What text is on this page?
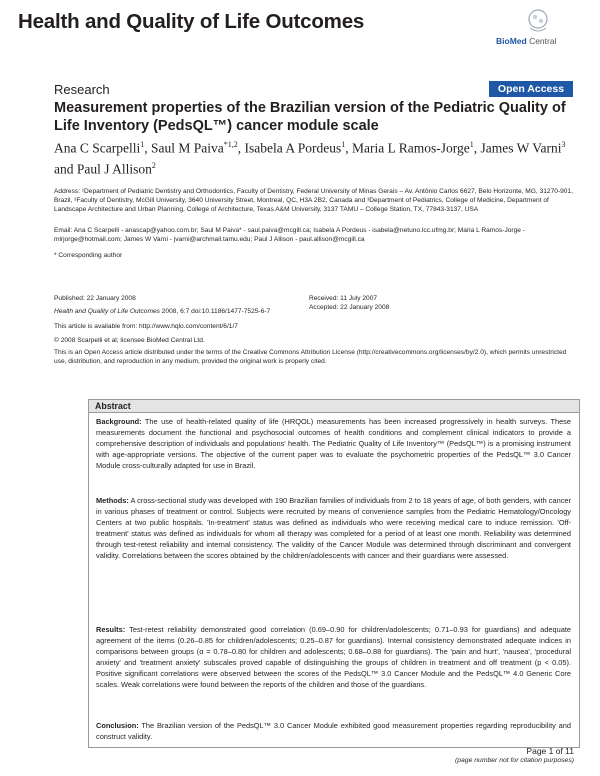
Health and Quality of Life Outcomes
BioMed Central
Research	Open Access
Measurement properties of the Brazilian version of the Pediatric Quality of Life Inventory (PedsQL™) cancer module scale
Ana C Scarpelli$^1$, Saul M Paiva$^{*1,2}$, Isabela A Pordeus$^1$, Maria L Ramos-Jorge$^1$, James W Varni$^3$ and Paul J Allison$^2$
Address: ¹Department of Pediatric Dentistry and Orthodontics, Faculty of Dentistry, Federal University of Minas Gerais – Av. Antônio Carlos 6627, Belo Horizonte, MG, 31270-901, Brazil, ²Faculty of Dentistry, McGill University, 3640 University Street, Montreal, QC, H3A 2B2, Canada and ³Department of Pediatrics, College of Medicine, Department of Landscape Architecture and Urban Planning, College of Architecture, Texas A&M University, 3137 TAMU – College Station, TX, 77843-3137, USA
Email: Ana C Scarpelli - anascap@yahoo.com.br; Saul M Paiva* - saul.paiva@mcgill.ca; Isabela A Pordeus - isabela@netuno.lcc.ufmg.br; Maria L Ramos-Jorge - mlrjorge@hotmail.com; James W Varni - jvarni@archmail.tamu.edu; Paul J Allison - paul.allison@mcgill.ca
* Corresponding author
Published: 22 January 2008
Health and Quality of Life Outcomes 2008, 6:7 doi:10.1186/1477-7525-6-7
Received: 11 July 2007
Accepted: 22 January 2008
This article is available from: http://www.hqlo.com/content/6/1/7
© 2008 Scarpelli et al; licensee BioMed Central Ltd.
This is an Open Access article distributed under the terms of the Creative Commons Attribution License (http://creativecommons.org/licenses/by/2.0), which permits unrestricted use, distribution, and reproduction in any medium, provided the original work is properly cited.
Abstract
Background: The use of health-related quality of life (HRQOL) measurements has been increased progressively in health surveys. These measurements document the functional and psychosocial outcomes of health conditions and complement clinical indicators to provide a comprehensive description of individuals and populations' health. The Pediatric Quality of Life Inventory™ (PedsQL™) is a promising instrument with age-appropriate versions. The objective of the current paper was to evaluate the psychometric properties of the PedsQL™ 3.0 Cancer Module cross-culturally adapted for use in Brazil.
Methods: A cross-sectional study was developed with 190 Brazilian families of individuals from 2 to 18 years of age, of both genders, with cancer in various phases of treatment or control. Subjects were recruited by means of convenience samples from the Pediatric Hematology/Oncology Centers at two public hospitals. 'In-treatment' status was defined as individuals who were receiving medical care to induce remission. 'Off-treatment' status was defined as individuals for whom all therapy was completed for a period of at least one month. Reliability was determined through test-retest reliability and internal consistency. The validity of the Cancer Module was determined through discriminant and convergent validity. Correlations between the scores obtained by the children/adolescents with cancer and their guardians were assessed.
Results: Test-retest reliability demonstrated good correlation (0.69–0.90 for children/adolescents; 0.71–0.93 for guardians) and adequate agreement of the items (0.26–0.85 for children/adolescents; 0.25–0.87 for guardians). Internal consistency demonstrated adequate indices in comparisons between groups (α = 0.78–0.80 for children and adolescents; 0.68–0.88 for guardians). The 'pain and hurt', 'nausea', 'procedural anxiety' and 'treatment anxiety' subscales proved capable of distinguishing the groups of children in treatment and off treatment (p < 0.05). Positive significant correlations were observed between the scores of the PedsQL™ 3.0 Cancer Module and the PedsQL™ 4.0 Generic Core scales. Weak correlations were found between the reports of the children and those of the guardians.
Conclusion: The Brazilian version of the PedsQL™ 3.0 Cancer Module exhibited good measurement properties regarding reproducibility and construct validity.
Page 1 of 11
(page number not for citation purposes)
